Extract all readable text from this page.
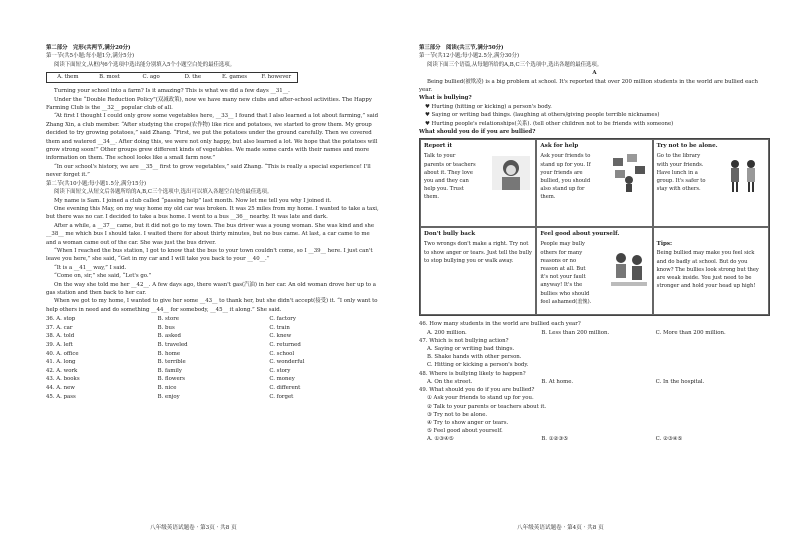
第二部分　完形(共两节,满分20分)
第一节(共5小题;每小题1分,满分5分)
阅读下面短文,从框内6个选项中选出能分别填入5个小题空白处的最佳选项。
A. them	B. most	C. ago	D. the	E. games	F. however
Turning your school into a farm? Is it amazing? This is what we did a few days __31__.
Under the “Double Reduction Policy”(双减政策), now we have many new clubs and after-school activities. The Happy Farming Club is the __32__ popular club of all.
“At first I thought I could only grow some vegetables here, __33__ I found that I also learned a lot about farming,” said Zhang Xin, a club member. “After studying the crops(农作物) like rice and potatoes, we started to grow them. My group decided to try growing potatoes,” said Zhang. “First, we put the potatoes under the ground carefully. Then we covered them and watered __34__. After doing this, we were not only happy, but also learned a lot. We hope that the potatoes will grow strong soon!” Other groups grew different kinds of vegetables. We made some cards with their names and more information on them. The school looks like a small farm now.”
“In our school's history, we are __35__ first to grow vegetables,” said Zhang. “This is really a special experience! I'll never forget it.”
第二节(共10小题;每小题1.5分,满分15分)
阅读下面短文,从短文后各题所给的A,B,C三个选项中,选出可以填入各题空白处的最佳选项。
My name is Sam. I joined a club called “passing help” last month. Now let me tell you why I joined it.
One evening this May, on my way home my old car was broken. It was 25 miles from my home. I wanted to take a taxi, but there was no car. I decided to take a bus home. I went to a bus __36__ nearby. It was late and dark.
After a while, a __37__ came, but it did not go to my town. The bus driver was a young woman. She was kind and she __38__ me which bus I should take. I waited there for about thirty minutes, but no bus came. At last, a car came to me and a woman came out of the car. She was just the bus driver.
“When I reached the bus station, I got to know that the bus to your town couldn't come, so I __39__ here. I just can't leave you here,” she said, “Get in my car and I will take you back to your __40__.”
“It is a __41__ way,” I said.
“Come on, sir,” she said, “Let's go.”
On the way she told me her __42__. A few days ago, there wasn't gas(汽油) in her car. An old woman drove her up to a gas station and then back to her car.
When we got to my home, I wanted to give her some __43__ to thank her, but she didn't accept(接受) it. “I only want to help others in need and do something __44__ for somebody, __45__ it along.” She said.
36. A. stop	B. store	C. factory
37. A. car	B. bus	C. train
38. A. told	B. asked	C. knew
39. A. left	B. traveled	C. returned
40. A. office	B. home	C. school
41. A. long	B. terrible	C. wonderful
42. A. work	B. family	C. story
43. A. books	B. flowers	C. money
44. A. new	B. nice	C. different
45. A. pass	B. enjoy	C. forget
八年级英语试题卷 · 第3页 · 共8 页
第三部分　阅读(共三节,满分50分)
第一节(共12小题;每小题2.5分,满分30分)
阅读下面三个语篇,从每题所给的A,B,C三个选项中,选出各题的最佳选项。
A
Being bullied(被欺凌) is a big problem at school. It's reported that over 200 million students in the world are bullied each year.
What is bullying?
♥ Hurting (hitting or kicking) a person's body.
♥ Saying or writing bad things. (laughing at others/giving people terrible nicknames)
♥ Hurting people's relationships(关系). (tell other children not to be friends with someone)
What should you do if you are bullied?
Report it
Talk to your parents or teachers about it. They love you and they can help you. Trust them.
Ask for help
Ask your friends to stand up for you. If your friends are bullied, you should also stand up for them.
Try not to be alone.
Go to the library with your friends. Have lunch in a group. It's safer to stay with others.
Don't bully back
Two wrongs don't make a right. Try not to show anger or tears. Just tell the bully to stop bullying you or walk away.
Feel good about yourself.
People may bully others for many reasons or no reason at all. But it's not your fault anyway! It's the bullies who should feel ashamed(羞愧).
Tips:
Being bullied may make you feel sick and do badly at school. But do you know? The bullies look strong but they are weak inside. You just need to be stronger and hold your head up high!
46. How many students in the world are bullied each year?
A. 200 million.	B. Less than 200 million.	C. More than 200 million.
47. Which is not bullying action?
A. Saying or writing bad things.
B. Shake hands with other person.
C. Hitting or kicking a person's body.
48. Where is bullying likely to happen?
A. On the street.	B. At home.	C. In the hospital.
49. What should you do if you are bullied?
① Ask your friends to stand up for you.
② Talk to your parents or teachers about it.
③ Try not to be alone.
④ Try to show anger or tears.
⑤ Feel good about yourself.
A. ①③④⑤	B. ①②③⑤	C. ②③④⑤
八年级英语试题卷 · 第4页 · 共8 页
